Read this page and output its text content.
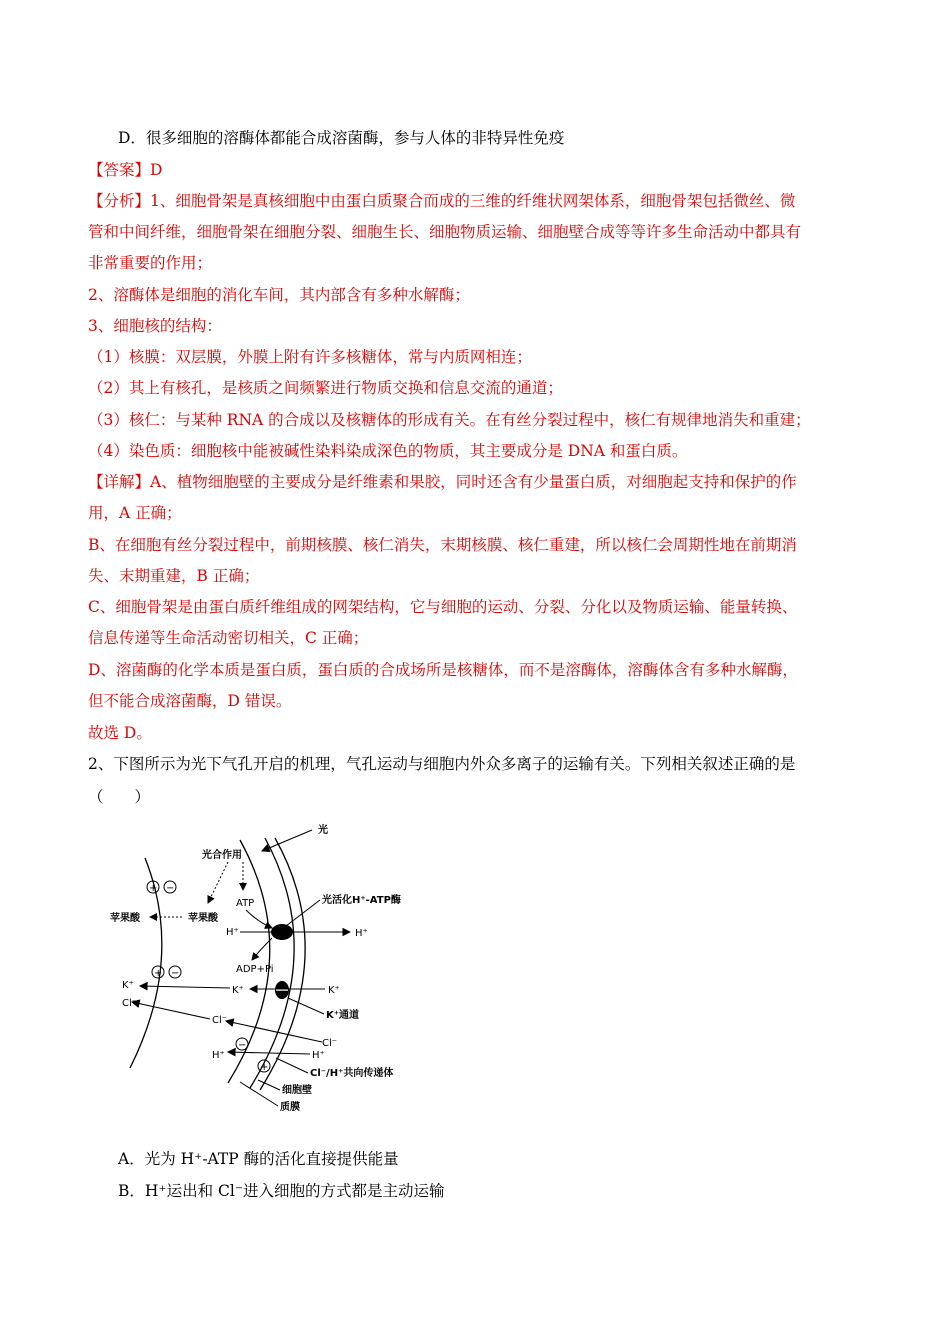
D．很多细胞的溶酶体都能合成溶菌酶，参与人体的非特异性免疫
【答案】D
【分析】1、细胞骨架是真核细胞中由蛋白质聚合而成的三维的纤维状网架体系，细胞骨架包括微丝、微
管和中间纤维，细胞骨架在细胞分裂、细胞生长、细胞物质运输、细胞壁合成等等许多生命活动中都具有
非常重要的作用；
2、溶酶体是细胞的消化车间，其内部含有多种水解酶；
3、细胞核的结构：
（1）核膜：双层膜，外膜上附有许多核糖体，常与内质网相连；
（2）其上有核孔，是核质之间频繁进行物质交换和信息交流的通道；
（3）核仁：与某种 RNA 的合成以及核糖体的形成有关。在有丝分裂过程中，核仁有规律地消失和重建；
（4）染色质：细胞核中能被碱性染料染成深色的物质，其主要成分是 DNA 和蛋白质。
【详解】A、植物细胞壁的主要成分是纤维素和果胶，同时还含有少量蛋白质，对细胞起支持和保护的作
用，A 正确；
B、在细胞有丝分裂过程中，前期核膜、核仁消失，末期核膜、核仁重建，所以核仁会周期性地在前期消
失、末期重建，B 正确；
C、细胞骨架是由蛋白质纤维组成的网架结构，它与细胞的运动、分裂、分化以及物质运输、能量转换、
信息传递等生命活动密切相关，C 正确；
D、溶菌酶的化学本质是蛋白质，蛋白质的合成场所是核糖体，而不是溶酶体，溶酶体含有多种水解酶，
但不能合成溶菌酶，D 错误。
故选 D。
2、下图所示为光下气孔开启的机理，气孔运动与细胞内外众多离子的运输有关。下列相关叙述正确的是
（　　）
光
光合作用
ATP	光活化H⁺-ATP酶
+ −
苹果酸	苹果酸
H⁺	H⁺
ADP+Pi
+ −
K⁺	K⁺	K⁺
K⁺通道
Cl⁻
Cl⁻
Cl⁻
H⁺
H⁺
−
+
Cl⁻/H⁺共向传递体
细胞壁
质膜
A．光为 H⁺-ATP 酶的活化直接提供能量
B．H⁺运出和 Cl⁻进入细胞的方式都是主动运输
